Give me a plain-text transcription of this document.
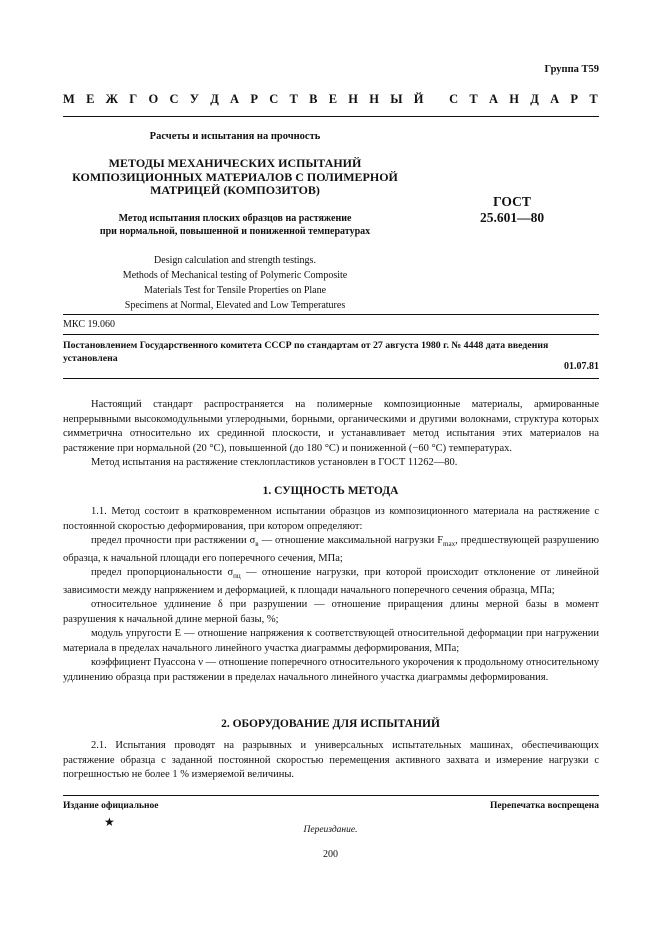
Группа Т59
М Е Ж Г О С У Д А Р С Т В Е Н Н Ы Й
С Т А Н Д А Р Т
Расчеты и испытания на прочность
МЕТОДЫ МЕХАНИЧЕСКИХ ИСПЫТАНИЙ
КОМПОЗИЦИОННЫХ МАТЕРИАЛОВ С ПОЛИМЕРНОЙ
МАТРИЦЕЙ (КОМПОЗИТОВ)
ГОСТ
25.601—80
Метод испытания плоских образцов на растяжение
при нормальной, повышенной и пониженной температурах
Design calculation and strength testings.
Methods of Mechanical testing of Polymeric Composite
Materials Test for Tensile Properties on Plane
Specimens at Normal, Elevated and Low Temperatures
МКС 19.060
Постановлением Государственного комитета СССР по стандартам от 27 августа 1980 г. № 4448 дата введения установлена
01.07.81

Настоящий стандарт распространяется на полимерные композиционные материалы, армированные непрерывными высокомодульными углеродными, борными, органическими и другими волокнами, структура которых симметрична относительно их срединной плоскости, и устанавливает метод испытания этих материалов на растяжение при нормальной (20 °С), повышенной (до 180 °С) и пониженной (−60 °С) температурах.

Метод испытания на растяжение стеклопластиков установлен в ГОСТ 11262—80.

1. СУЩНОСТЬ МЕТОДА

1.1. Метод состоит в кратковременном испытании образцов из композиционного материала на растяжение с постоянной скоростью деформирования, при котором определяют:

предел прочности при растяжении $\sigma_в$ — отношение максимальной нагрузки $F_{max}$, предшествующей разрушению образца, к начальной площади его поперечного сечения, МПа;

предел пропорциональности $\sigma_{пц}$ — отношение нагрузки, при которой происходит отклонение от линейной зависимости между напряжением и деформацией, к площади начального поперечного сечения образца, МПа;

относительное удлинение δ при разрушении — отношение приращения длины мерной базы в момент разрушения к начальной длине мерной базы, %;

модуль упругости E — отношение напряжения к соответствующей относительной деформации при нагружении материала в пределах начального линейного участка диаграммы деформирования, МПа;

коэффициент Пуассона ν — отношение поперечного относительного укорочения к продольному относительному удлинению образца при растяжении в пределах начального линейного участка диаграммы деформирования.

2. ОБОРУДОВАНИЕ ДЛЯ ИСПЫТАНИЙ

2.1. Испытания проводят на разрывных и универсальных испытательных машинах, обеспечивающих растяжение образца с заданной постоянной скоростью перемещения активного захвата и измерение нагрузки с погрешностью не более 1 % измеряемой величины.

Издание официальное	Перепечатка воспрещена
★
Переиздание.
200
